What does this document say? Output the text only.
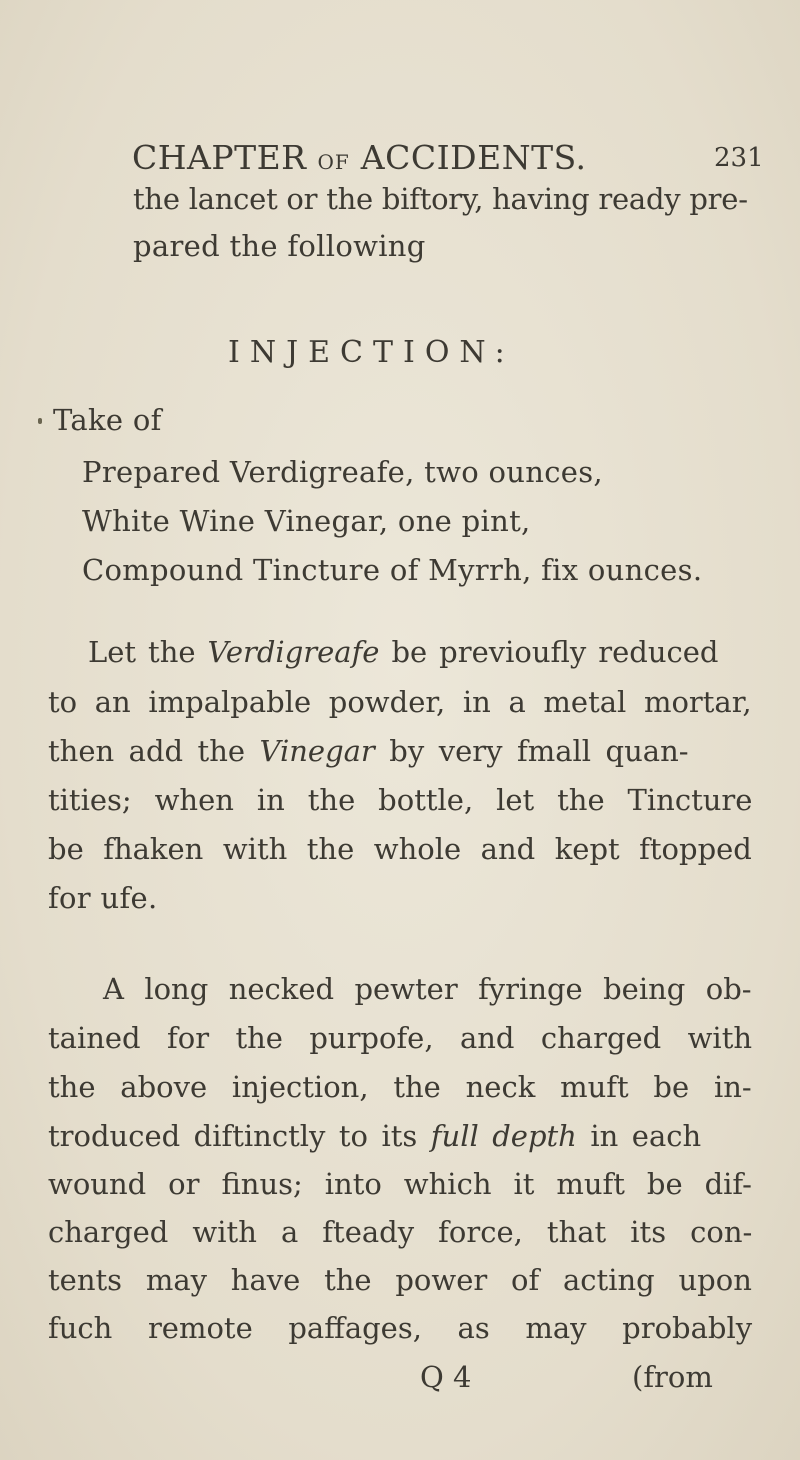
CHAPTER OF ACCIDENTS.	231
the lancet or the biftory, having ready pre-
pared the following
INJECTION:
Take of
Prepared Verdigreafe, two ounces,
White Wine Vinegar, one pint,
Compound Tincture of Myrrh, fix ounces.
Let the Verdigreafe be previoufly reduced
to an impalpable powder, in a metal mortar,
then add the Vinegar by very fmall quan-
tities; when in the bottle, let the Tincture
be fhaken with the whole and kept ftopped
for ufe.
A long necked pewter fyringe being ob-
tained for the purpofe, and charged with
the above injection, the neck muft be in-
troduced diftinctly to its full depth in each
wound or finus; into which it muft be dif-
charged with a fteady force, that its con-
tents may have the power of acting upon
fuch remote paffages, as may probably
Q 4	(from
